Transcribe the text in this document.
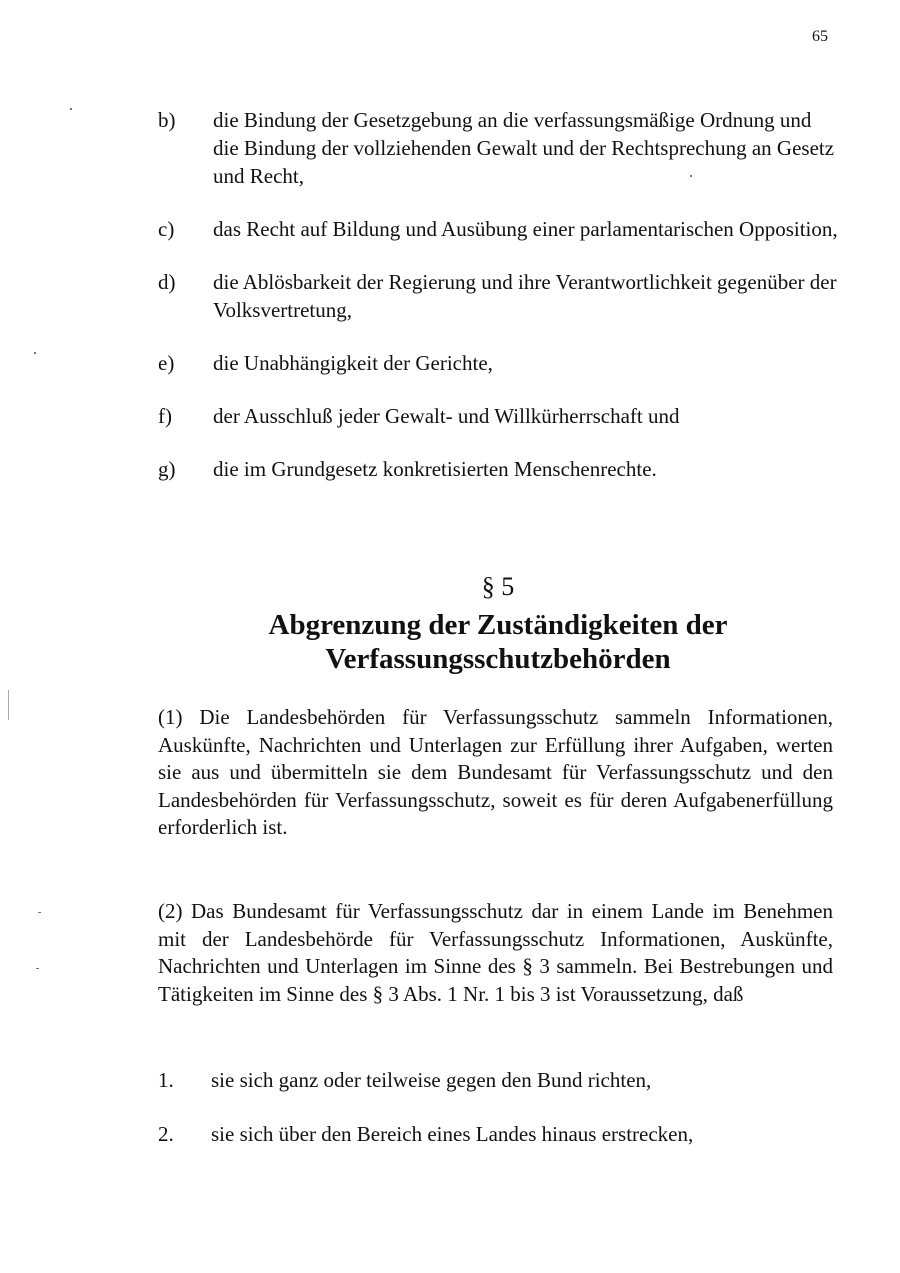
65
b)	die Bindung der Gesetzgebung an die verfassungsmäßige Ordnung und die Bindung der vollziehenden Gewalt und der Rechtsprechung an Gesetz und Recht,
c)	das Recht auf Bildung und Ausübung einer parlamentarischen Opposition,
d)	die Ablösbarkeit der Regierung und ihre Verantwortlichkeit gegenüber der Volksvertretung,
e)	die Unabhängigkeit der Gerichte,
f)	der Ausschluß jeder Gewalt- und Willkürherrschaft und
g)	die im Grundgesetz konkretisierten Menschenrechte.
§ 5
Abgrenzung der Zuständigkeiten der Verfassungsschutzbehörden
(1) Die Landesbehörden für Verfassungsschutz sammeln Informationen, Auskünfte, Nachrichten und Unterlagen zur Erfüllung ihrer Aufgaben, werten sie aus und übermitteln sie dem Bundesamt für Verfassungsschutz und den Landesbehörden für Verfassungsschutz, soweit es für deren Aufgabenerfüllung erforderlich ist.
(2) Das Bundesamt für Verfassungsschutz dar in einem Lande im Benehmen mit der Landesbehörde für Verfassungsschutz Informationen, Auskünfte, Nachrichten und Unterlagen im Sinne des § 3 sammeln. Bei Bestrebungen und Tätigkeiten im Sinne des § 3 Abs. 1 Nr. 1 bis 3 ist Voraussetzung, daß
1.	sie sich ganz oder teilweise gegen den Bund richten,
2.	sie sich über den Bereich eines Landes hinaus erstrecken,
